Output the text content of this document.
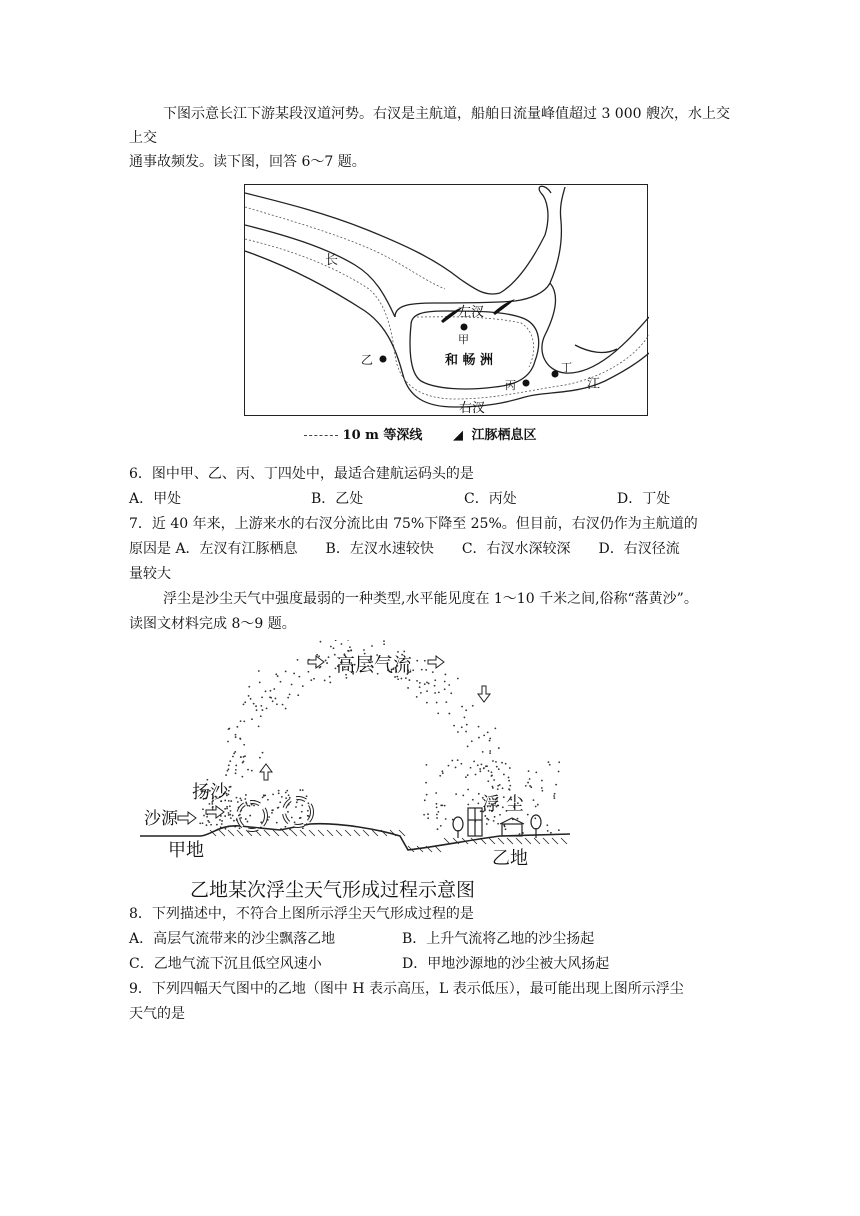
下图示意长江下游某段汊道河势。右汊是主航道，船舶日流量峰值超过 3 000 艘次，水上交
上交
通事故频发。读下图，回答 6～7 题。
长
江
左汊
右汊
甲
乙
丙
丁
和 畅 洲
10 m 等深线 ◢ 江豚栖息区
6．图中甲、乙、丙、丁四处中，最适合建航运码头的是
A．甲处	B．乙处	C．丙处	D．丁处
7．近 40 年来，上游来水的右汊分流比由 75%下降至 25%。但目前，右汊仍作为主航道的
原因是 A．左汊有江豚栖息　　B．左汊水速较快　　C．右汊水深较深　　D．右汊径流
量较大
浮尘是沙尘天气中强度最弱的一种类型,水平能见度在 1～10 千米之间,俗称“落黄沙”。
读图文材料完成 8～9 题。
高层气流
扬沙
沙源
甲地
浮 尘
乙地
乙地某次浮尘天气形成过程示意图
8．下列描述中，不符合上图所示浮尘天气形成过程的是
A．高层气流带来的沙尘飘落乙地	B．上升气流将乙地的沙尘扬起
C．乙地气流下沉且低空风速小	D．甲地沙源地的沙尘被大风扬起
9．下列四幅天气图中的乙地（图中 H 表示高压，L 表示低压），最可能出现上图所示浮尘
天气的是
